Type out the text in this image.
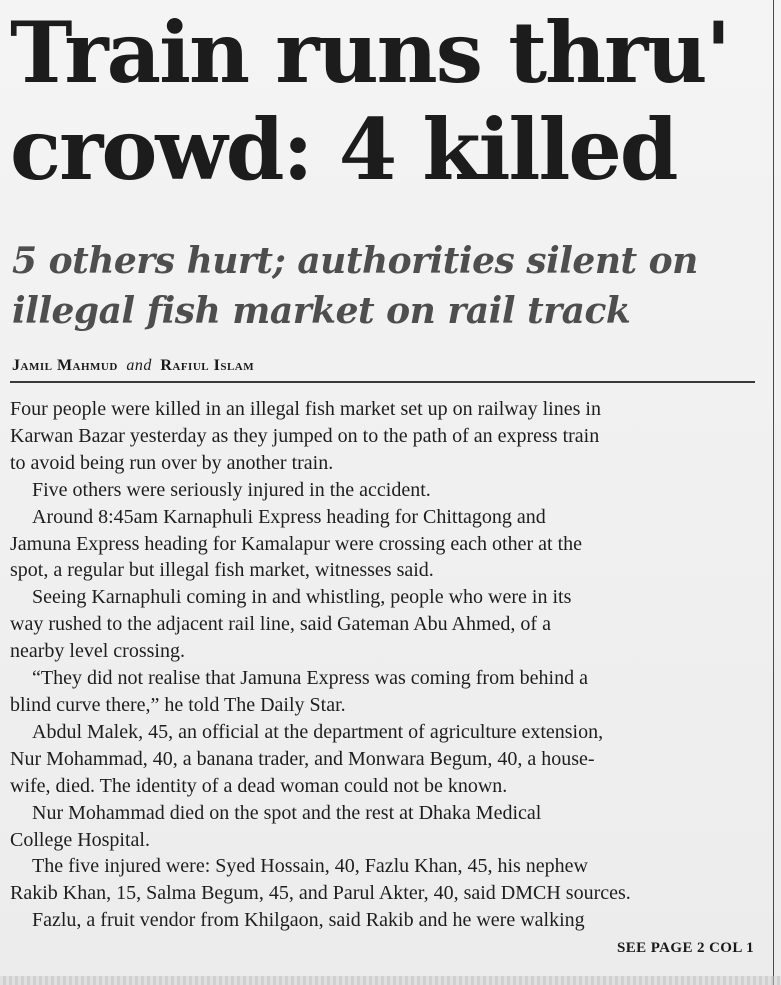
Train runs thru'
crowd: 4 killed
5 others hurt; authorities silent on
illegal fish market on rail track
Jamil Mahmud and Rafiul Islam

Four people were killed in an illegal fish market set up on railway lines in
Karwan Bazar yesterday as they jumped on to the path of an express train
to avoid being run over by another train.

Five others were seriously injured in the accident.

Around 8:45am Karnaphuli Express heading for Chittagong and
Jamuna Express heading for Kamalapur were crossing each other at the
spot, a regular but illegal fish market, witnesses said.

Seeing Karnaphuli coming in and whistling, people who were in its
way rushed to the adjacent rail line, said Gateman Abu Ahmed, of a
nearby level crossing.

“They did not realise that Jamuna Express was coming from behind a
blind curve there,” he told The Daily Star.

Abdul Malek, 45, an official at the department of agriculture extension,
Nur Mohammad, 40, a banana trader, and Monwara Begum, 40, a house-
wife, died. The identity of a dead woman could not be known.

Nur Mohammad died on the spot and the rest at Dhaka Medical
College Hospital.

The five injured were: Syed Hossain, 40, Fazlu Khan, 45, his nephew
Rakib Khan, 15, Salma Begum, 45, and Parul Akter, 40, said DMCH sources.

Fazlu, a fruit vendor from Khilgaon, said Rakib and he were walking

SEE PAGE 2 COL 1
